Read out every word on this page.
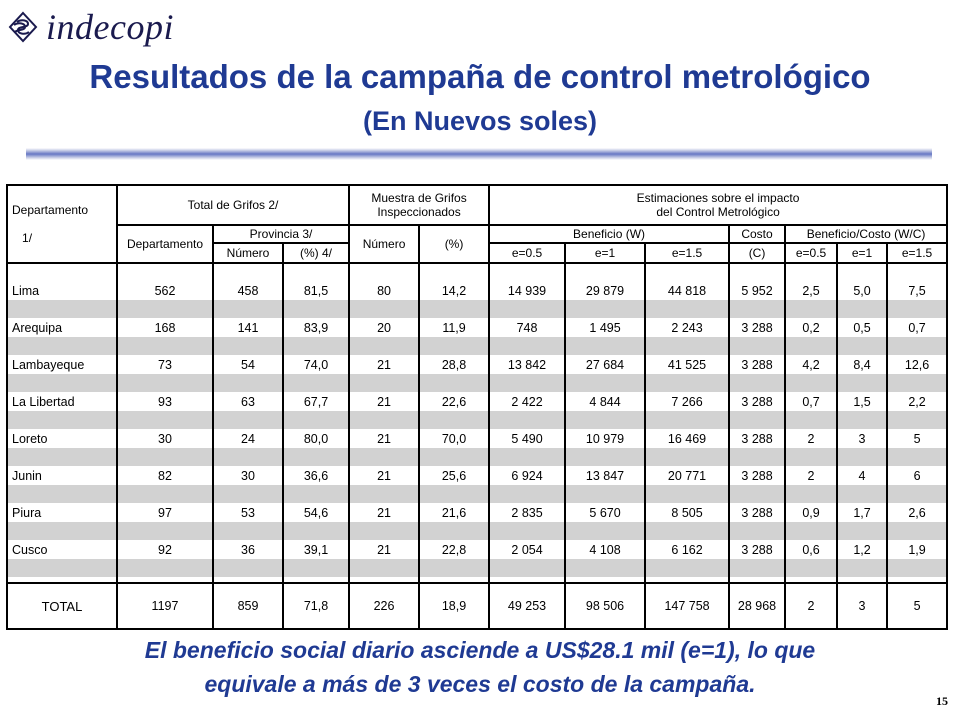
indecopi
Resultados de la campaña de control metrológico
(En Nuevos soles)
Departamento

1/	Total de Grifos 2/			Muestra de Grifos
Inspeccionados		Estimaciones sobre el impacto
del Control Metrológico						
	Departamento	Provincia 3/		Número	(%)	Beneficio (W)			Costo	Beneficio/Costo (W/C)		
		Número	(%) 4/			e=0.5	e=1	e=1.5	(C)	e=0.5	e=1	e=1.5

Lima	562	458	81,5	80	14,2	14 939	29 879	44 818	5 952	2,5	5,0	7,5

Arequipa	168	141	83,9	20	11,9	748	1 495	2 243	3 288	0,2	0,5	0,7

Lambayeque	73	54	74,0	21	28,8	13 842	27 684	41 525	3 288	4,2	8,4	12,6

La Libertad	93	63	67,7	21	22,6	2 422	4 844	7 266	3 288	0,7	1,5	2,2

Loreto	30	24	80,0	21	70,0	5 490	10 979	16 469	3 288	2	3	5

Junin	82	30	36,6	21	25,6	6 924	13 847	20 771	3 288	2	4	6

Piura	97	53	54,6	21	21,6	2 835	5 670	8 505	3 288	0,9	1,7	2,6

Cusco	92	36	39,1	21	22,8	2 054	4 108	6 162	3 288	0,6	1,2	1,9

TOTAL	1197	859	71,8	226	18,9	49 253	98 506	147 758	28 968	2	3	5
El beneficio social diario asciende a US$28.1 mil (e=1), lo que
equivale a más de 3 veces el costo de la campaña.
15
